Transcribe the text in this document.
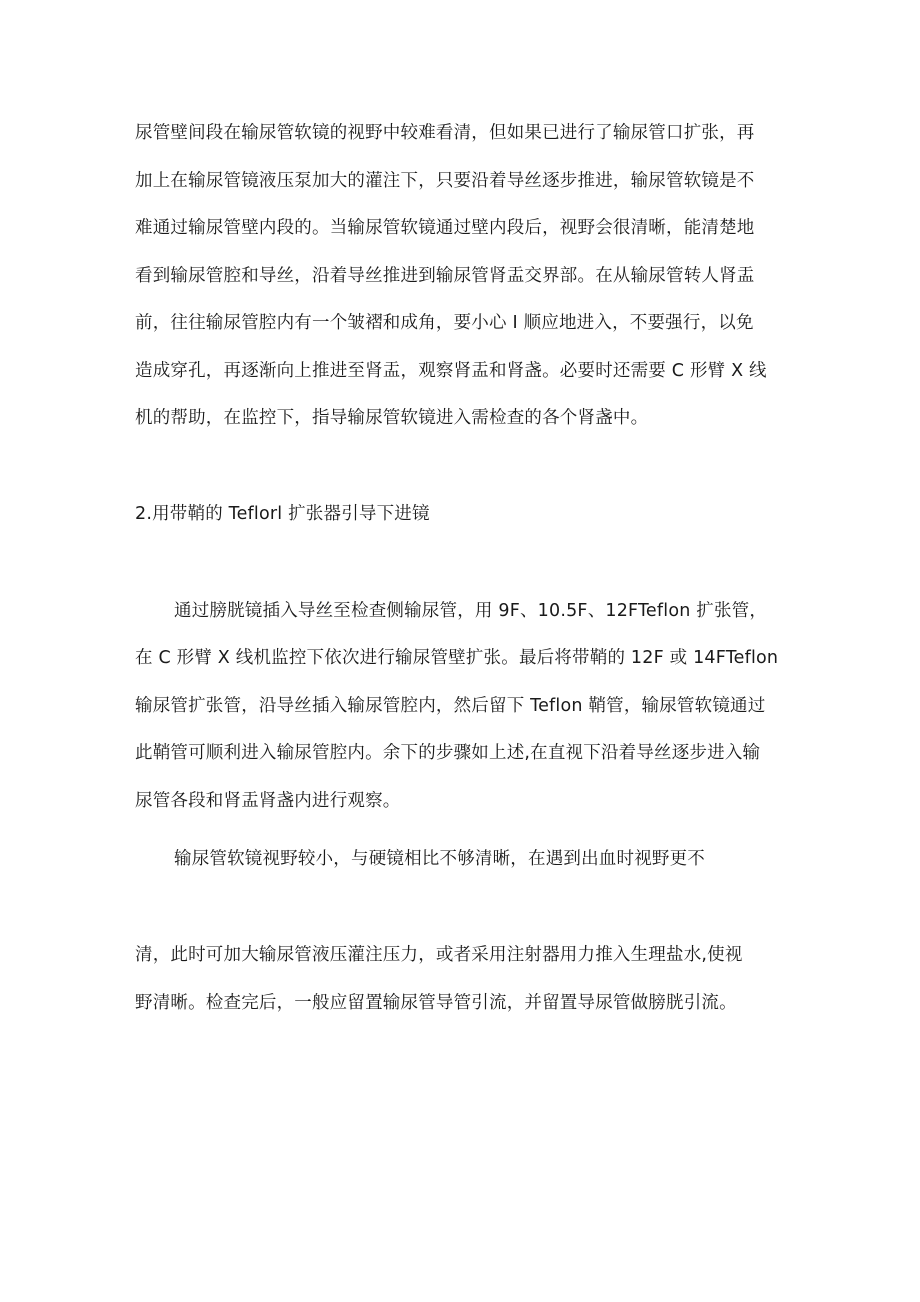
尿管壁间段在输尿管软镜的视野中较难看清，但如果已进行了输尿管口扩张，再
加上在输尿管镜液压泵加大的灌注下，只要沿着导丝逐步推进，输尿管软镜是不
难通过输尿管壁内段的。当输尿管软镜通过壁内段后，视野会很清晰，能清楚地
看到输尿管腔和导丝，沿着导丝推进到输尿管肾盂交界部。在从输尿管转人肾盂
前，往往输尿管腔内有一个皱褶和成角，要小心 I 顺应地进入，不要强行，以免
造成穿孔，再逐渐向上推进至肾盂，观察肾盂和肾盏。必要时还需要 C 形臂 X 线
机的帮助，在监控下，指导输尿管软镜进入需检查的各个肾盏中。
2.用带鞘的 Teflorl 扩张器引导下进镜
通过膀胱镜插入导丝至检查侧输尿管，用 9F、10.5F、12FTeflon 扩张管，
在 C 形臂 X 线机监控下依次进行输尿管壁扩张。最后将带鞘的 12F 或 14FTeflon
输尿管扩张管，沿导丝插入输尿管腔内，然后留下 Teflon 鞘管，输尿管软镜通过
此鞘管可顺利进入输尿管腔内。余下的步骤如上述,在直视下沿着导丝逐步进入输
尿管各段和肾盂肾盏内进行观察。
输尿管软镜视野较小，与硬镜相比不够清晰，在遇到出血时视野更不
清，此时可加大输尿管液压灌注压力，或者采用注射器用力推入生理盐水,使视
野清晰。检查完后，一般应留置输尿管导管引流，并留置导尿管做膀胱引流。
